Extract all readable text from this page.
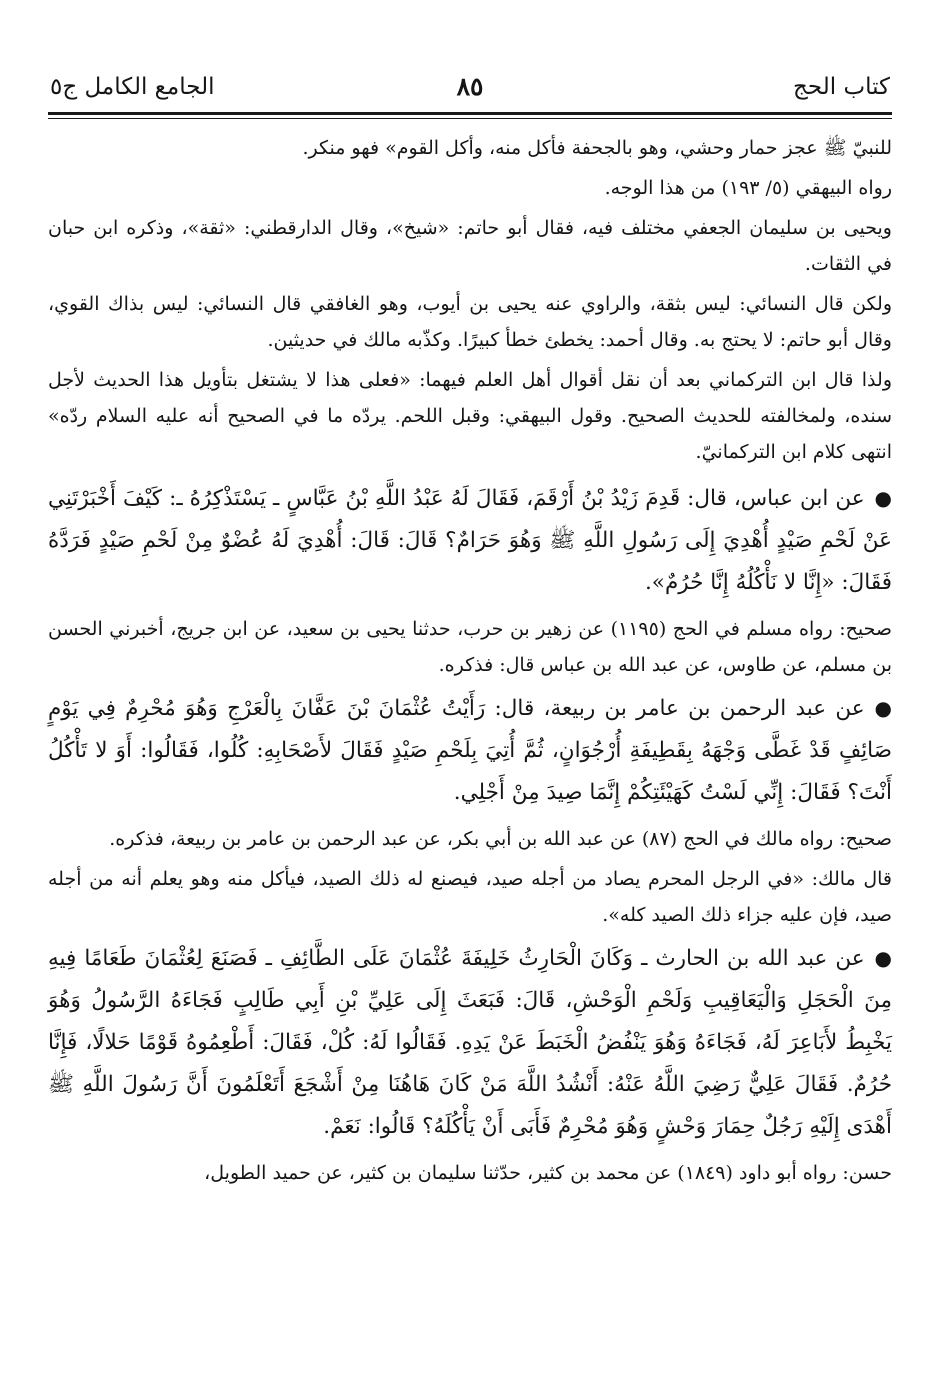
كتاب الحج
٨٥
الجامع الكامل ج٥

للنبيّ ﷺ عجز حمار وحشي، وهو بالجحفة فأكل منه، وأكل القوم» فهو منكر.

رواه البيهقي (٥/ ١٩٣) من هذا الوجه.

ويحيى بن سليمان الجعفي مختلف فيه، فقال أبو حاتم: «شيخ»، وقال الدارقطني: «ثقة»، وذكره ابن حبان في الثقات.

ولكن قال النسائي: ليس بثقة، والراوي عنه يحيى بن أيوب، وهو الغافقي قال النسائي: ليس بذاك القوي، وقال أبو حاتم: لا يحتج به. وقال أحمد: يخطئ خطأ كبيرًا. وكذّبه مالك في حديثين.

ولذا قال ابن التركماني بعد أن نقل أقوال أهل العلم فيهما: «فعلى هذا لا يشتغل بتأويل هذا الحديث لأجل سنده، ولمخالفته للحديث الصحيح. وقول البيهقي: وقبل اللحم. يردّه ما في الصحيح أنه عليه السلام ردّه» انتهى كلام ابن التركمانيّ.

●عن ابن عباس، قال: قَدِمَ زَيْدُ بْنُ أَرْقَمَ، فَقَالَ لَهُ عَبْدُ اللَّهِ بْنُ عَبَّاسٍ ـ يَسْتَذْكِرُهُ ـ: كَيْفَ أَخْبَرْتَنِي عَنْ لَحْمِ صَيْدٍ أُهْدِيَ إِلَى رَسُولِ اللَّهِ ﷺ وَهُوَ حَرَامٌ؟ قَالَ: قَالَ: أُهْدِيَ لَهُ عُضْوٌ مِنْ لَحْمِ صَيْدٍ فَرَدَّهُ فَقَالَ: «إِنَّا لا نَأْكُلُهُ إِنَّا حُرُمٌ».

صحيح: رواه مسلم في الحج (١١٩٥) عن زهير بن حرب، حدثنا يحيى بن سعيد، عن ابن جريج، أخبرني الحسن بن مسلم، عن طاوس، عن عبد الله بن عباس قال: فذكره.

●عن عبد الرحمن بن عامر بن ربيعة، قال: رَأَيْتُ عُثْمَانَ بْنَ عَفَّانَ بِالْعَرْجِ وَهُوَ مُحْرِمٌ فِي يَوْمٍ صَائِفٍ قَدْ غَطَّى وَجْهَهُ بِقَطِيفَةِ أُرْجُوَانٍ، ثُمَّ أُتِيَ بِلَحْمِ صَيْدٍ فَقَالَ لأَصْحَابِهِ: كُلُوا، فَقَالُوا: أَوَ لا تَأْكُلُ أَنْتَ؟ فَقَالَ: إِنِّي لَسْتُ كَهَيْئَتِكُمْ إِنَّمَا صِيدَ مِنْ أَجْلِي.

صحيح: رواه مالك في الحج (٨٧) عن عبد الله بن أبي بكر، عن عبد الرحمن بن عامر بن ربيعة، فذكره.

قال مالك: «في الرجل المحرم يصاد من أجله صيد، فيصنع له ذلك الصيد، فيأكل منه وهو يعلم أنه من أجله صيد، فإن عليه جزاء ذلك الصيد كله».

●عن عبد الله بن الحارث ـ وَكَانَ الْحَارِثُ خَلِيفَةَ عُثْمَانَ عَلَى الطَّائِفِ ـ فَصَنَعَ لِعُثْمَانَ طَعَامًا فِيهِ مِنَ الْحَجَلِ وَالْيَعَاقِيبِ وَلَحْمِ الْوَحْشِ، قَالَ: فَبَعَثَ إِلَى عَلِيِّ بْنِ أَبِي طَالِبٍ فَجَاءَهُ الرَّسُولُ وَهُوَ يَخْبِطُ لأَبَاعِرَ لَهُ، فَجَاءَهُ وَهُوَ يَنْفُضُ الْخَبَطَ عَنْ يَدِهِ. فَقَالُوا لَهُ: كُلْ، فَقَالَ: أَطْعِمُوهُ قَوْمًا حَلالًا، فَإِنَّا حُرُمٌ. فَقَالَ عَلِيٌّ رَضِيَ اللَّهُ عَنْهُ: أَنْشُدُ اللَّهَ مَنْ كَانَ هَاهُنَا مِنْ أَشْجَعَ أَتَعْلَمُونَ أَنَّ رَسُولَ اللَّهِ ﷺ أَهْدَى إِلَيْهِ رَجُلٌ حِمَارَ وَحْشٍ وَهُوَ مُحْرِمٌ فَأَبَى أَنْ يَأْكُلَهُ؟ قَالُوا: نَعَمْ.

حسن: رواه أبو داود (١٨٤٩) عن محمد بن كثير، حدّثنا سليمان بن كثير، عن حميد الطويل،
